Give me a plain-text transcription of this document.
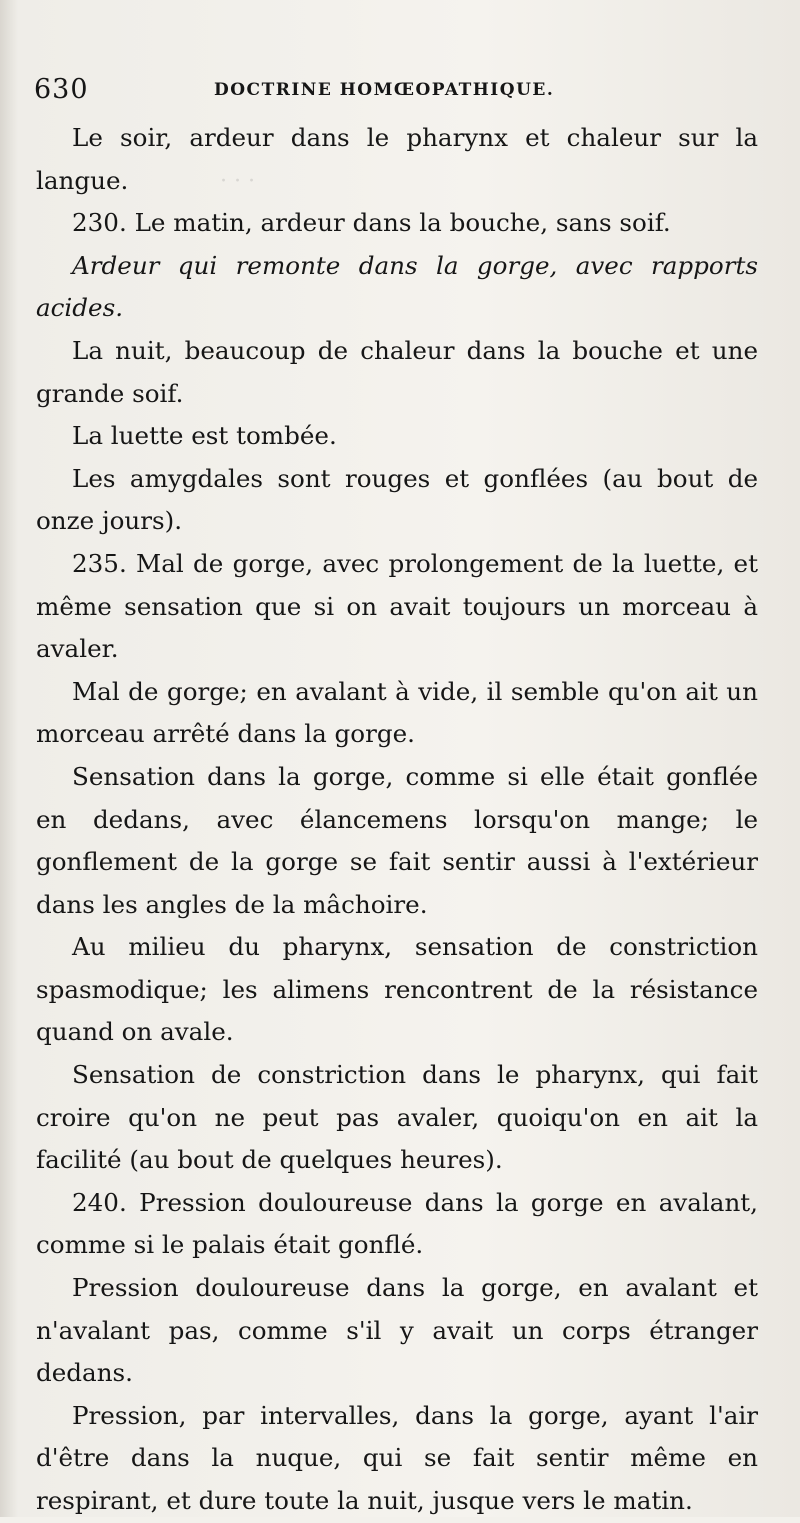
· · ·
630	DOCTRINE HOMŒOPATHIQUE.

Le soir, ardeur dans le pharynx et chaleur sur la langue.

230. Le matin, ardeur dans la bouche, sans soif.

Ardeur qui remonte dans la gorge, avec rapports acides.

La nuit, beaucoup de chaleur dans la bouche et une grande soif.

La luette est tombée.

Les amygdales sont rouges et gonflées (au bout de onze jours).

235. Mal de gorge, avec prolongement de la luette, et même sensation que si on avait toujours un morceau à avaler.

Mal de gorge; en avalant à vide, il semble qu'on ait un morceau arrêté dans la gorge.

Sensation dans la gorge, comme si elle était gonflée en dedans, avec élancemens lorsqu'on mange; le gonflement de la gorge se fait sentir aussi à l'extérieur dans les angles de la mâchoire.

Au milieu du pharynx, sensation de constriction spasmodique; les alimens rencontrent de la résistance quand on avale.

Sensation de constriction dans le pharynx, qui fait croire qu'on ne peut pas avaler, quoiqu'on en ait la facilité (au bout de quelques heures).

240. Pression douloureuse dans la gorge en avalant, comme si le palais était gonflé.

Pression douloureuse dans la gorge, en avalant et n'avalant pas, comme s'il y avait un corps étranger dedans.

Pression, par intervalles, dans la gorge, ayant l'air d'être dans la nuque, qui se fait sentir même en respirant, et dure toute la nuit, jusque vers le matin.
